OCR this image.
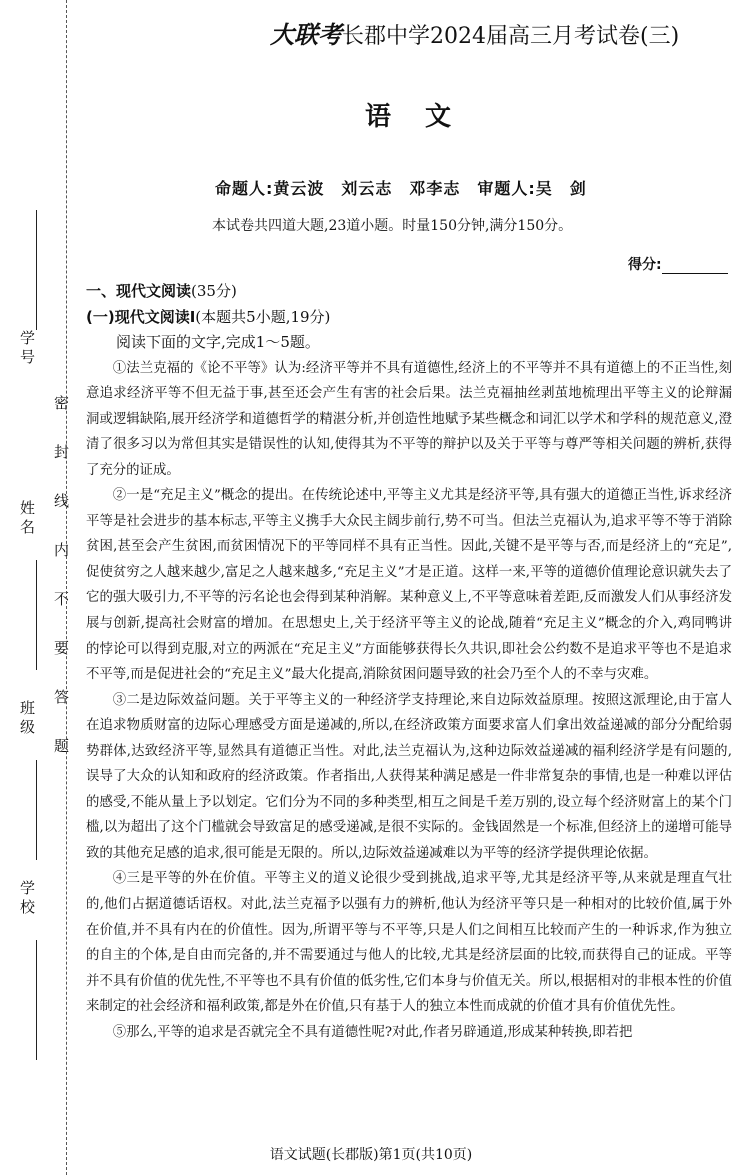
学号
姓名
班级
学校
密封线内不要答题
大联考长郡中学2024届高三月考试卷(三)
语文
命题人:黄云波　刘云志　邓李志　审题人:吴　剑
本试卷共四道大题,23道小题。时量150分钟,满分150分。
得分:
一、现代文阅读(35分)
(一)现代文阅读Ⅰ(本题共5小题,19分)

阅读下面的文字,完成1～5题。

①法兰克福的《论不平等》认为:经济平等并不具有道德性,经济上的不平等并不具有道德上的不正当性,刻意追求经济平等不但无益于事,甚至还会产生有害的社会后果。法兰克福抽丝剥茧地梳理出平等主义的论辩漏洞或逻辑缺陷,展开经济学和道德哲学的精湛分析,并创造性地赋予某些概念和词汇以学术和学科的规范意义,澄清了很多习以为常但其实是错误性的认知,使得其为不平等的辩护以及关于平等与尊严等相关问题的辨析,获得了充分的证成。

②一是“充足主义”概念的提出。在传统论述中,平等主义尤其是经济平等,具有强大的道德正当性,诉求经济平等是社会进步的基本标志,平等主义携手大众民主阔步前行,势不可当。但法兰克福认为,追求平等不等于消除贫困,甚至会产生贫困,而贫困情况下的平等同样不具有正当性。因此,关键不是平等与否,而是经济上的“充足”,促使贫穷之人越来越少,富足之人越来越多,“充足主义”才是正道。这样一来,平等的道德价值理论意识就失去了它的强大吸引力,不平等的污名论也会得到某种消解。某种意义上,不平等意味着差距,反而激发人们从事经济发展与创新,提高社会财富的增加。在思想史上,关于经济平等主义的论战,随着“充足主义”概念的介入,鸡同鸭讲的悖论可以得到克服,对立的两派在“充足主义”方面能够获得长久共识,即社会公约数不是追求平等也不是追求不平等,而是促进社会的“充足主义”最大化提高,消除贫困问题导致的社会乃至个人的不幸与灾难。

③二是边际效益问题。关于平等主义的一种经济学支持理论,来自边际效益原理。按照这派理论,由于富人在追求物质财富的边际心理感受方面是递减的,所以,在经济政策方面要求富人们拿出效益递减的部分分配给弱势群体,达致经济平等,显然具有道德正当性。对此,法兰克福认为,这种边际效益递减的福利经济学是有问题的,误导了大众的认知和政府的经济政策。作者指出,人获得某种满足感是一件非常复杂的事情,也是一种难以评估的感受,不能从量上予以划定。它们分为不同的多种类型,相互之间是千差万别的,设立每个经济财富上的某个门槛,以为超出了这个门槛就会导致富足的感受递减,是很不实际的。金钱固然是一个标准,但经济上的递增可能导致的其他充足感的追求,很可能是无限的。所以,边际效益递减难以为平等的经济学提供理论依据。

④三是平等的外在价值。平等主义的道义论很少受到挑战,追求平等,尤其是经济平等,从来就是理直气壮的,他们占据道德话语权。对此,法兰克福予以强有力的辨析,他认为经济平等只是一种相对的比较价值,属于外在价值,并不具有内在的价值性。因为,所谓平等与不平等,只是人们之间相互比较而产生的一种诉求,作为独立的自主的个体,是自由而完备的,并不需要通过与他人的比较,尤其是经济层面的比较,而获得自己的证成。平等并不具有价值的优先性,不平等也不具有价值的低劣性,它们本身与价值无关。所以,根据相对的非根本性的价值来制定的社会经济和福利政策,都是外在价值,只有基于人的独立本性而成就的价值才具有价值优先性。

⑤那么,平等的追求是否就完全不具有道德性呢?对此,作者另辟通道,形成某种转换,即若把

语文试题(长郡版)第1页(共10页)
